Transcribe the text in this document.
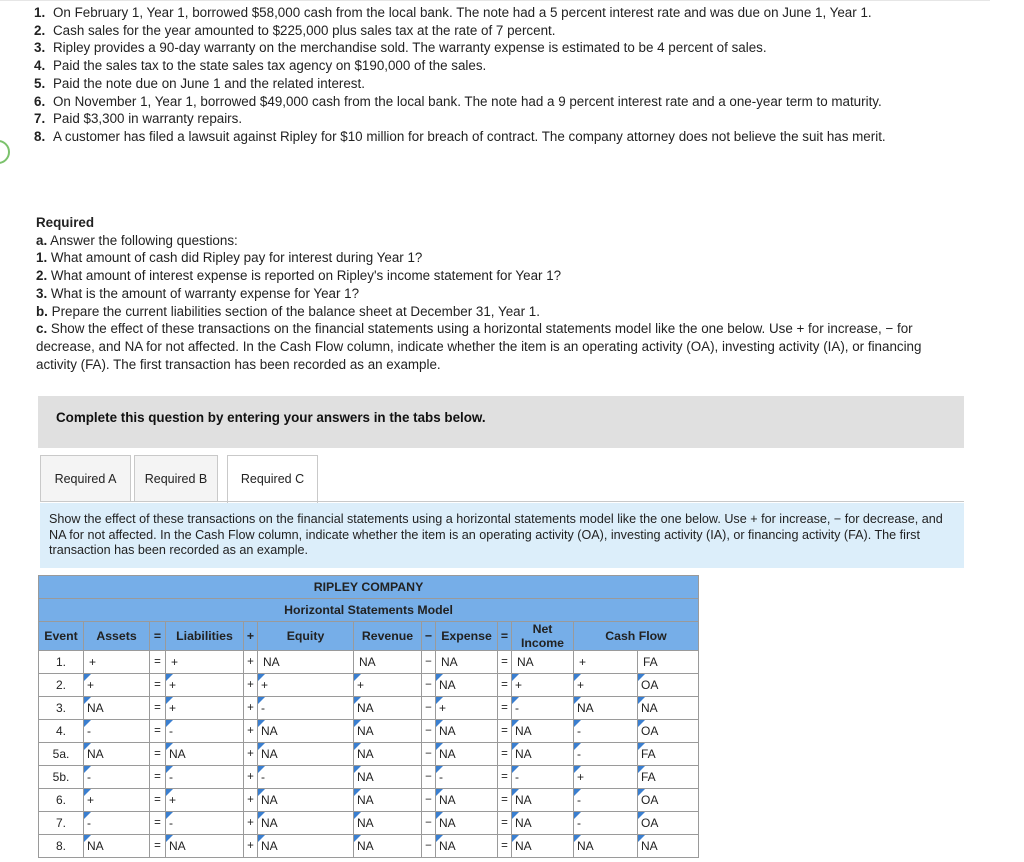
1. On February 1, Year 1, borrowed $58,000 cash from the local bank. The note had a 5 percent interest rate and was due on June 1, Year 1.
2. Cash sales for the year amounted to $225,000 plus sales tax at the rate of 7 percent.
3. Ripley provides a 90-day warranty on the merchandise sold. The warranty expense is estimated to be 4 percent of sales.
4. Paid the sales tax to the state sales tax agency on $190,000 of the sales.
5. Paid the note due on June 1 and the related interest.
6. On November 1, Year 1, borrowed $49,000 cash from the local bank. The note had a 9 percent interest rate and a one-year term to maturity.
7. Paid $3,300 in warranty repairs.
8. A customer has filed a lawsuit against Ripley for $10 million for breach of contract. The company attorney does not believe the suit has merit.
Required
a. Answer the following questions:
1. What amount of cash did Ripley pay for interest during Year 1?
2. What amount of interest expense is reported on Ripley's income statement for Year 1?
3. What is the amount of warranty expense for Year 1?
b. Prepare the current liabilities section of the balance sheet at December 31, Year 1.
c. Show the effect of these transactions on the financial statements using a horizontal statements model like the one below. Use + for increase, − for decrease, and NA for not affected. In the Cash Flow column, indicate whether the item is an operating activity (OA), investing activity (IA), or financing activity (FA). The first transaction has been recorded as an example.
Complete this question by entering your answers in the tabs below.
Required A	Required B	Required C
Show the effect of these transactions on the financial statements using a horizontal statements model like the one below. Use + for increase, − for decrease, and NA for not affected. In the Cash Flow column, indicate whether the item is an operating activity (OA), investing activity (IA), or financing activity (FA). The first transaction has been recorded as an example.
RIPLEY COMPANY												
Horizontal Statements Model												
Event	Assets	=	Liabilities	+	Equity	Revenue	−	Expense	=	Net Income	Cash Flow	
1.	+	=	+	+	NA	NA	−	NA	=	NA	+	FA
2.	+	=	+	+	+	+	−	NA	=	+	+	OA

3.	NA	=	+	+	-	NA	−	+	=	-	NA	NA

4.	-	=	-	+	NA	NA	−	NA	=	NA	-	OA

5a.	NA	=	NA	+	NA	NA	−	NA	=	NA	-	FA

5b.	-	=	-	+	-	NA	−	-	=	-	+	FA

6.	+	=	+	+	NA	NA	−	NA	=	NA	-	OA

7.	-	=	-	+	NA	NA	−	NA	=	NA	-	OA

8.	NA	=	NA	+	NA	NA	−	NA	=	NA	NA	NA
